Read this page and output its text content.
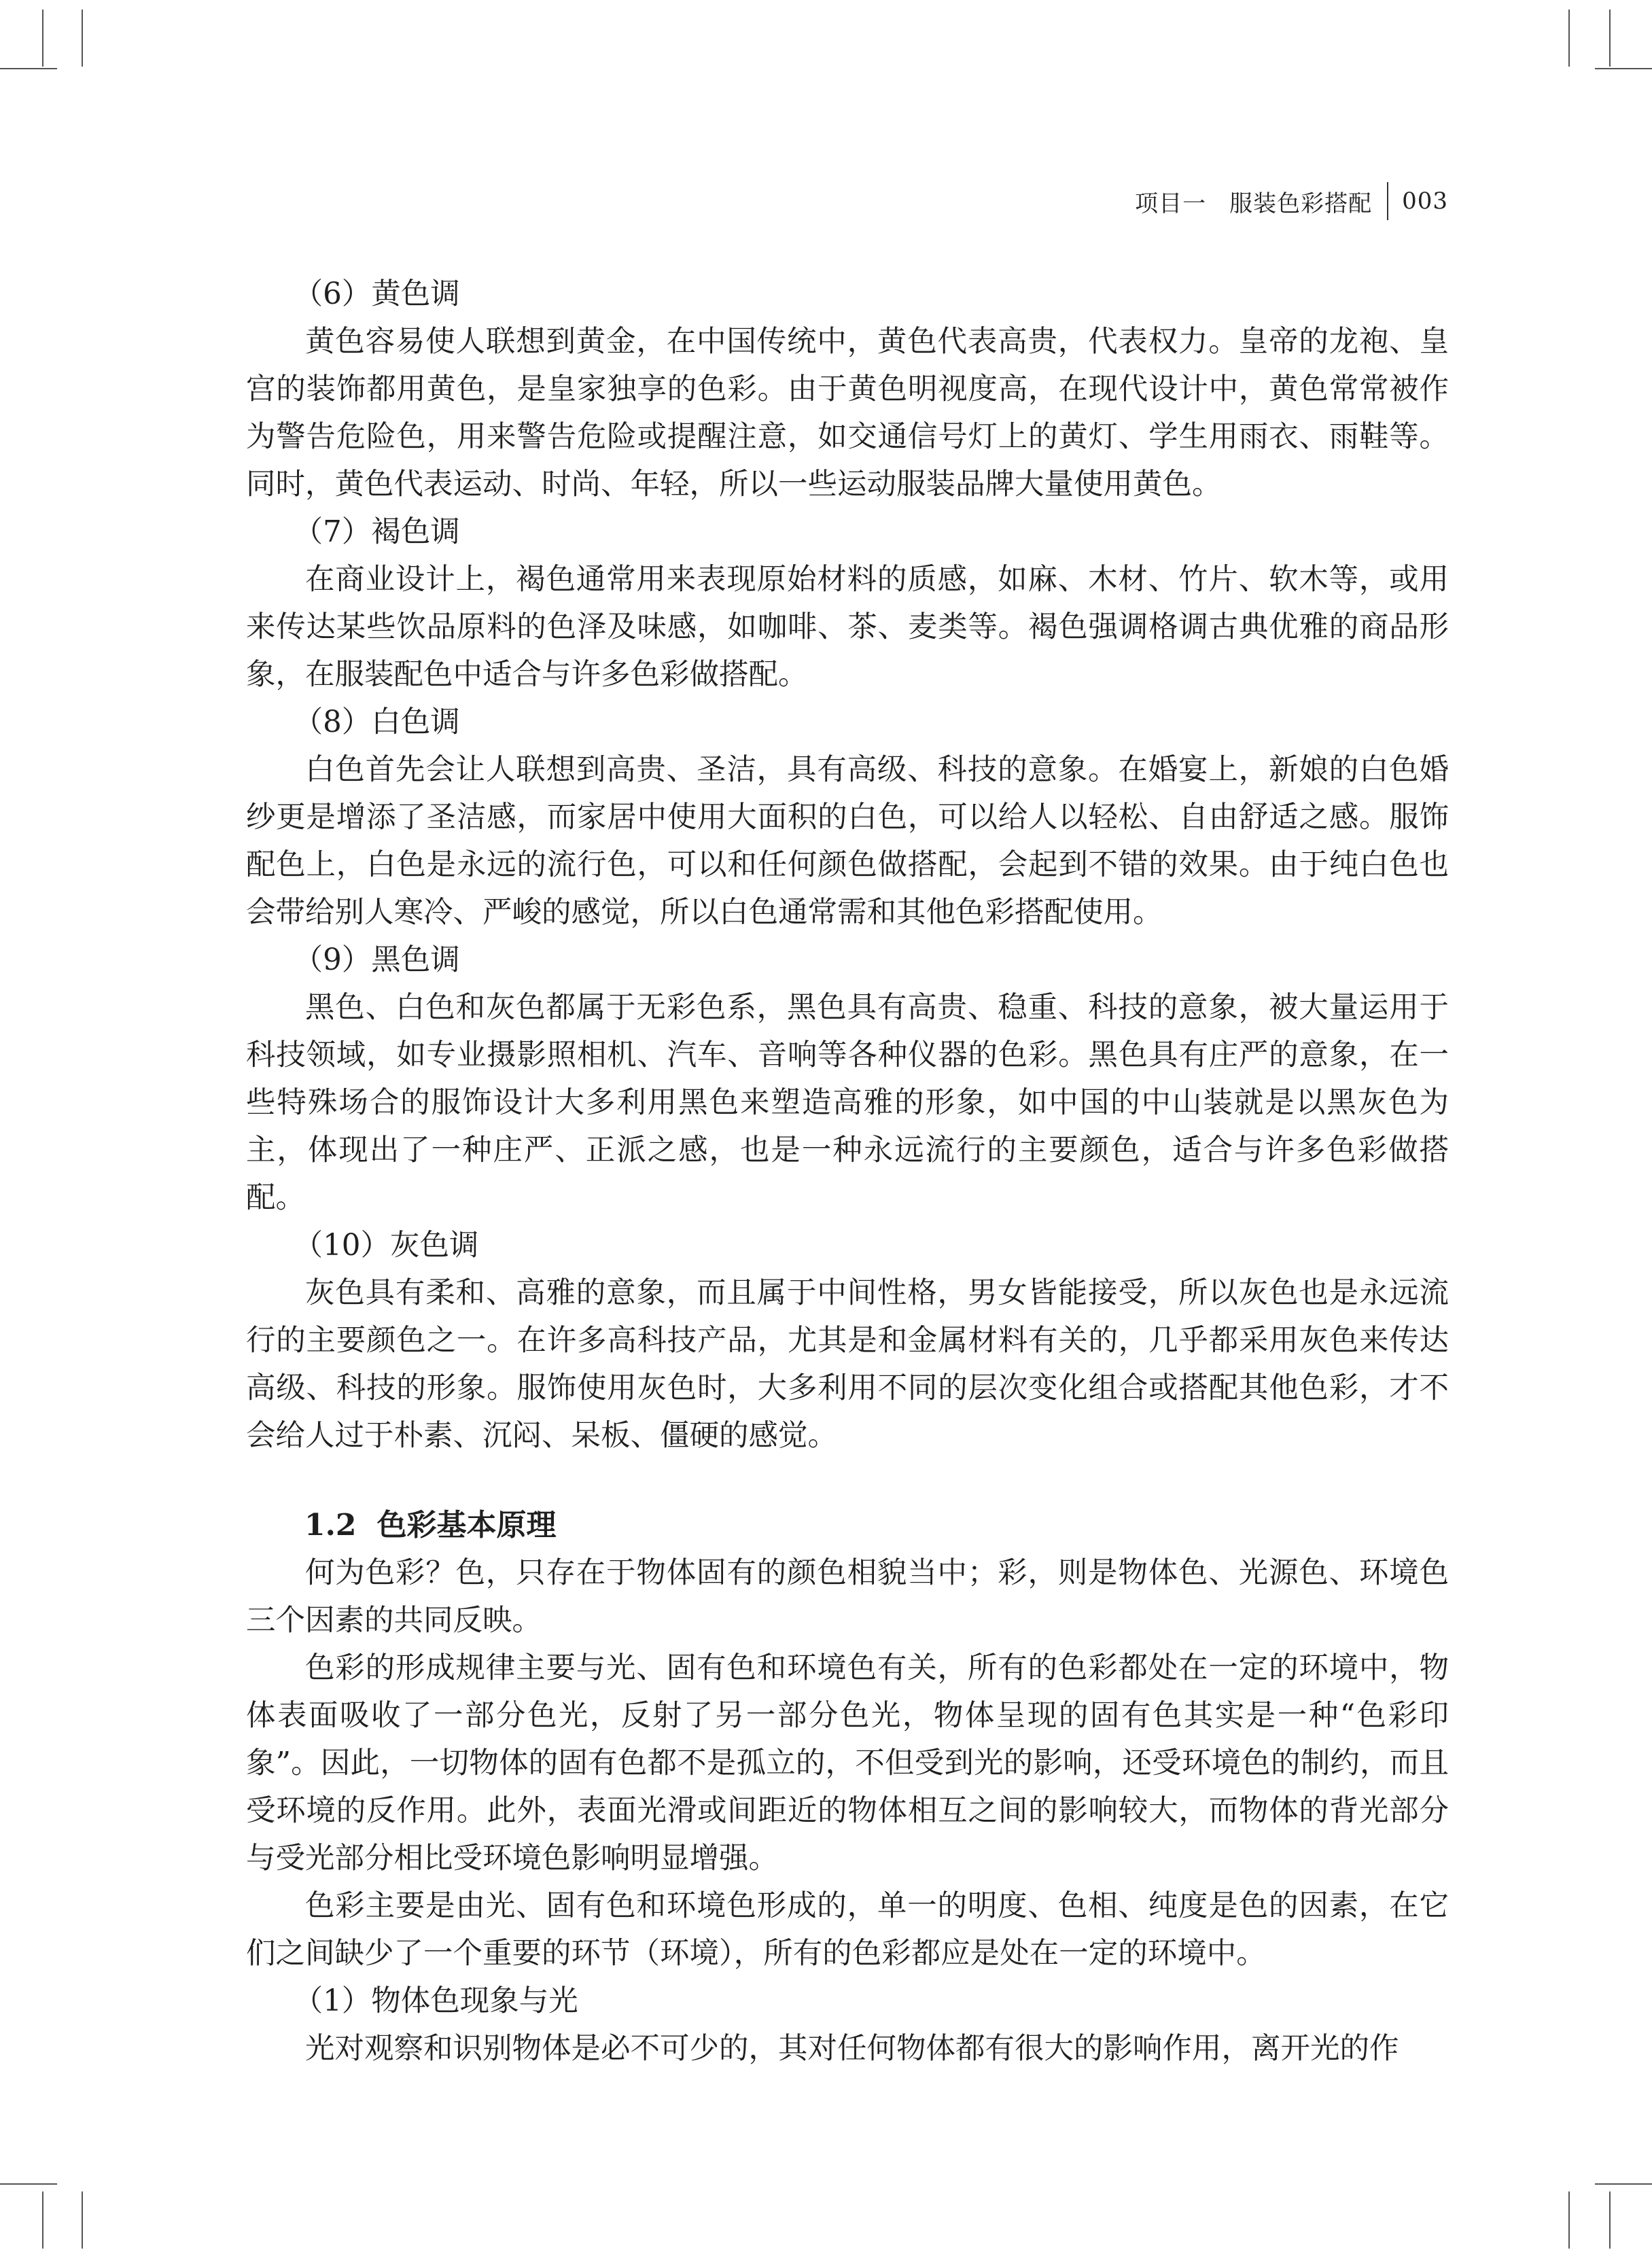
项目一 服装色彩搭配 003

（6）黄色调

黄色容易使人联想到黄金，在中国传统中，黄色代表高贵，代表权力。皇帝的龙袍、皇宫的装饰都用黄色，是皇家独享的色彩。由于黄色明视度高，在现代设计中，黄色常常被作为警告危险色，用来警告危险或提醒注意，如交通信号灯上的黄灯、学生用雨衣、雨鞋等。同时，黄色代表运动、时尚、年轻，所以一些运动服装品牌大量使用黄色。

（7）褐色调

在商业设计上，褐色通常用来表现原始材料的质感，如麻、木材、竹片、软木等，或用来传达某些饮品原料的色泽及味感，如咖啡、茶、麦类等。褐色强调格调古典优雅的商品形象，在服装配色中适合与许多色彩做搭配。

（8）白色调

白色首先会让人联想到高贵、圣洁，具有高级、科技的意象。在婚宴上，新娘的白色婚纱更是增添了圣洁感，而家居中使用大面积的白色，可以给人以轻松、自由舒适之感。服饰配色上，白色是永远的流行色，可以和任何颜色做搭配，会起到不错的效果。由于纯白色也会带给别人寒冷、严峻的感觉，所以白色通常需和其他色彩搭配使用。

（9）黑色调

黑色、白色和灰色都属于无彩色系，黑色具有高贵、稳重、科技的意象，被大量运用于科技领域，如专业摄影照相机、汽车、音响等各种仪器的色彩。黑色具有庄严的意象，在一些特殊场合的服饰设计大多利用黑色来塑造高雅的形象，如中国的中山装就是以黑灰色为主，体现出了一种庄严、正派之感，也是一种永远流行的主要颜色，适合与许多色彩做搭配。

（10）灰色调

灰色具有柔和、高雅的意象，而且属于中间性格，男女皆能接受，所以灰色也是永远流行的主要颜色之一。在许多高科技产品，尤其是和金属材料有关的，几乎都采用灰色来传达高级、科技的形象。服饰使用灰色时，大多利用不同的层次变化组合或搭配其他色彩，才不会给人过于朴素、沉闷、呆板、僵硬的感觉。

1.2 色彩基本原理

何为色彩？色，只存在于物体固有的颜色相貌当中；彩，则是物体色、光源色、环境色三个因素的共同反映。

色彩的形成规律主要与光、固有色和环境色有关，所有的色彩都处在一定的环境中，物体表面吸收了一部分色光，反射了另一部分色光，物体呈现的固有色其实是一种“色彩印象”。因此，一切物体的固有色都不是孤立的，不但受到光的影响，还受环境色的制约，而且受环境的反作用。此外，表面光滑或间距近的物体相互之间的影响较大，而物体的背光部分与受光部分相比受环境色影响明显增强。

色彩主要是由光、固有色和环境色形成的，单一的明度、色相、纯度是色的因素，在它们之间缺少了一个重要的环节（环境），所有的色彩都应是处在一定的环境中。

（1）物体色现象与光

光对观察和识别物体是必不可少的，其对任何物体都有很大的影响作用，离开光的作
